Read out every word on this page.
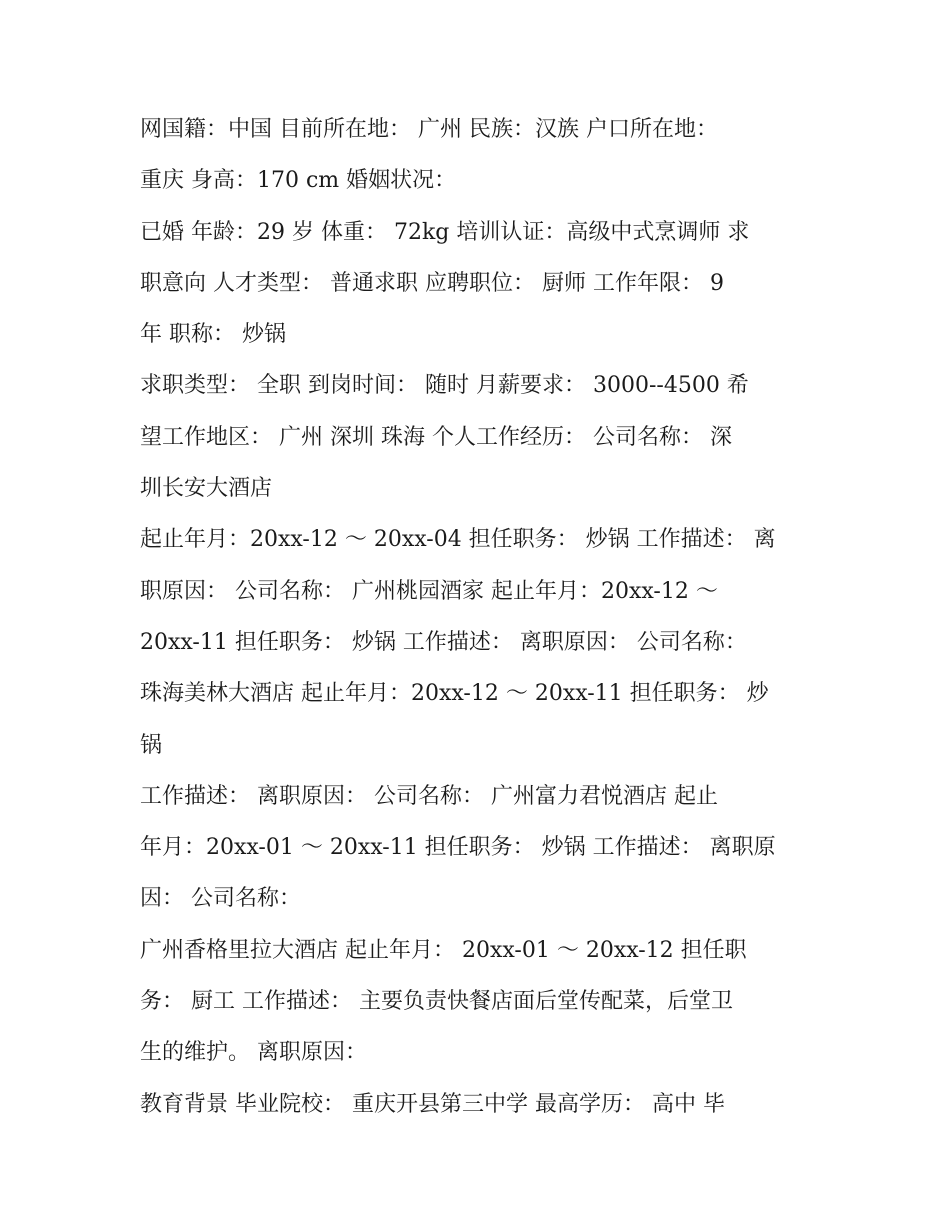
网国籍：中国 目前所在地： 广州 民族：汉族 户口所在地：
重庆 身高：170 cm 婚姻状况：
已婚 年龄：29 岁 体重： 72kg 培训认证：高级中式烹调师 求
职意向 人才类型： 普通求职 应聘职位： 厨师 工作年限： 9
年 职称： 炒锅
求职类型： 全职 到岗时间： 随时 月薪要求： 3000--4500 希
望工作地区： 广州 深圳 珠海 个人工作经历： 公司名称： 深
圳长安大酒店
起止年月：20xx-12 ～ 20xx-04 担任职务： 炒锅 工作描述： 离
职原因： 公司名称： 广州桃园酒家 起止年月：20xx-12 ～
20xx-11 担任职务： 炒锅 工作描述： 离职原因： 公司名称：
珠海美林大酒店 起止年月：20xx-12 ～ 20xx-11 担任职务： 炒
锅
工作描述： 离职原因： 公司名称： 广州富力君悦酒店 起止
年月：20xx-01 ～ 20xx-11 担任职务： 炒锅 工作描述： 离职原
因： 公司名称：
广州香格里拉大酒店 起止年月： 20xx-01 ～ 20xx-12 担任职
务： 厨工 工作描述： 主要负责快餐店面后堂传配菜，后堂卫
生的维护。 离职原因：
教育背景 毕业院校： 重庆开县第三中学 最高学历： 高中 毕
